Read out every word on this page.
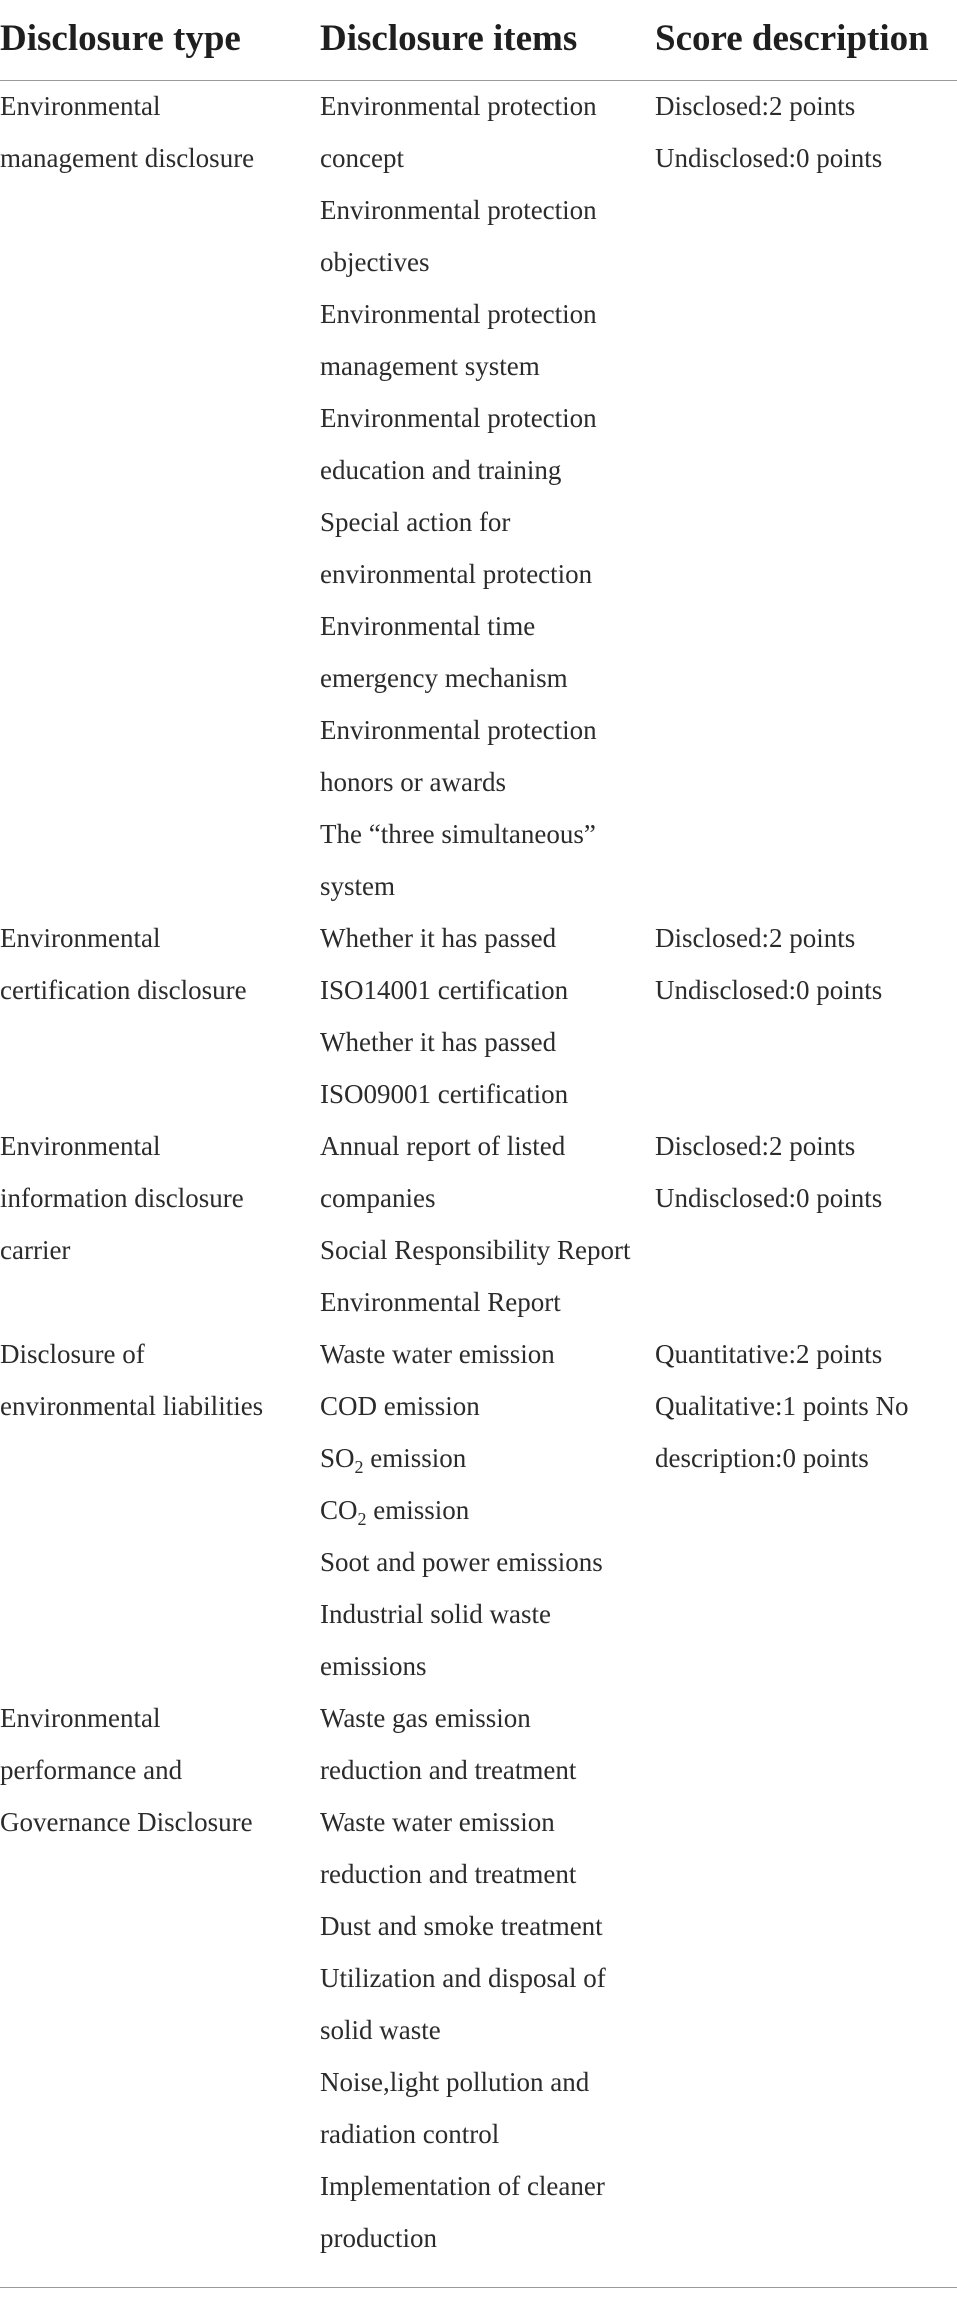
Disclosure type Disclosure items Score description
Environmental
management disclosure
Environmental protection
concept
Environmental protection
objectives
Environmental protection
management system
Environmental protection
education and training
Special action for
environmental protection
Environmental time
emergency mechanism
Environmental protection
honors or awards
The “three simultaneous”
system
Disclosed:2 points
Undisclosed:0 points
Environmental
certification disclosure
Whether it has passed
ISO14001 certification
Whether it has passed
ISO09001 certification
Disclosed:2 points
Undisclosed:0 points
Environmental
information disclosure
carrier
Annual report of listed
companies
Social Responsibility Report
Environmental Report
Disclosed:2 points
Undisclosed:0 points
Disclosure of
environmental liabilities
Waste water emission
COD emission
$SO_2$ emission
$CO_2$ emission
Soot and power emissions
Industrial solid waste
emissions
Quantitative:2 points
Qualitative:1 points No
description:0 points
Environmental
performance and
Governance Disclosure
Waste gas emission
reduction and treatment
Waste water emission
reduction and treatment
Dust and smoke treatment
Utilization and disposal of
solid waste
Noise,light pollution and
radiation control
Implementation of cleaner
production
